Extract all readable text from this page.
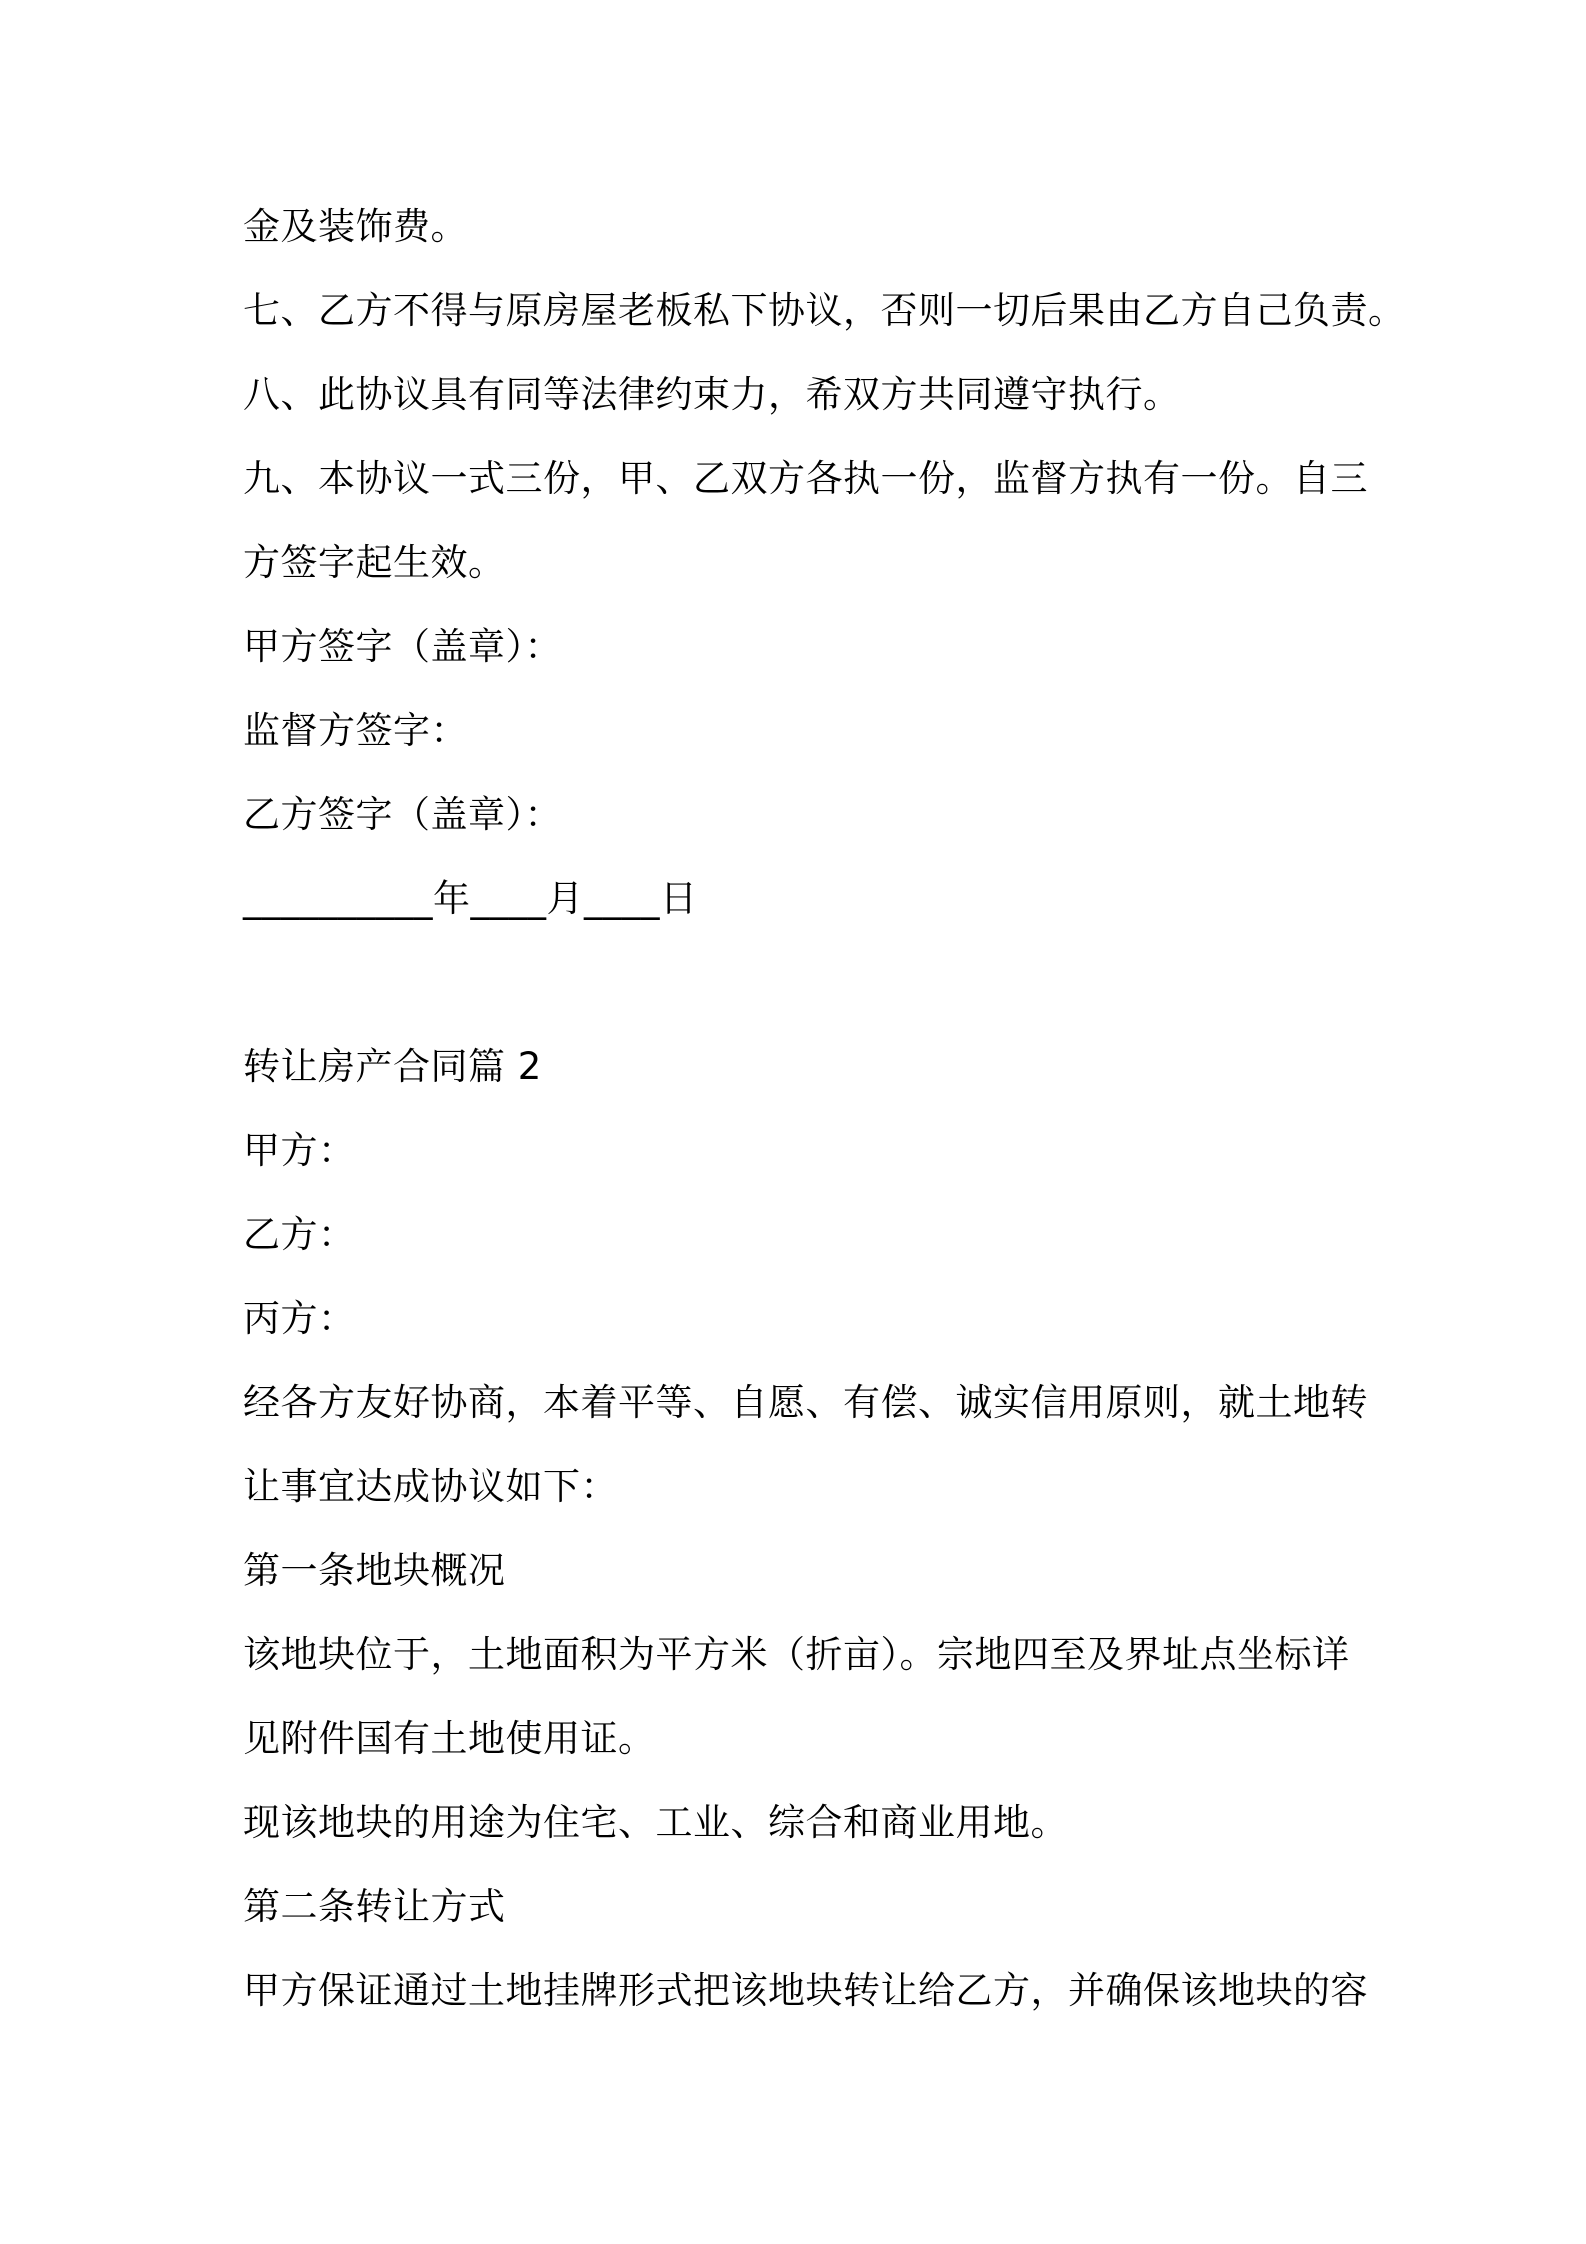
金及装饰费。
七、乙方不得与原房屋老板私下协议，否则一切后果由乙方自己负责。
八、此协议具有同等法律约束力，希双方共同遵守执行。
九、本协议一式三份，甲、乙双方各执一份，监督方执有一份。自三
方签字起生效。
甲方签字（盖章）：
监督方签字：
乙方签字（盖章）：
__________年____月____日
转让房产合同篇 2
甲方：
乙方：
丙方：
经各方友好协商，本着平等、自愿、有偿、诚实信用原则，就土地转
让事宜达成协议如下：
第一条地块概况
该地块位于，土地面积为平方米（折亩）。宗地四至及界址点坐标详
见附件国有土地使用证。
现该地块的用途为住宅、工业、综合和商业用地。
第二条转让方式
甲方保证通过土地挂牌形式把该地块转让给乙方，并确保该地块的容
